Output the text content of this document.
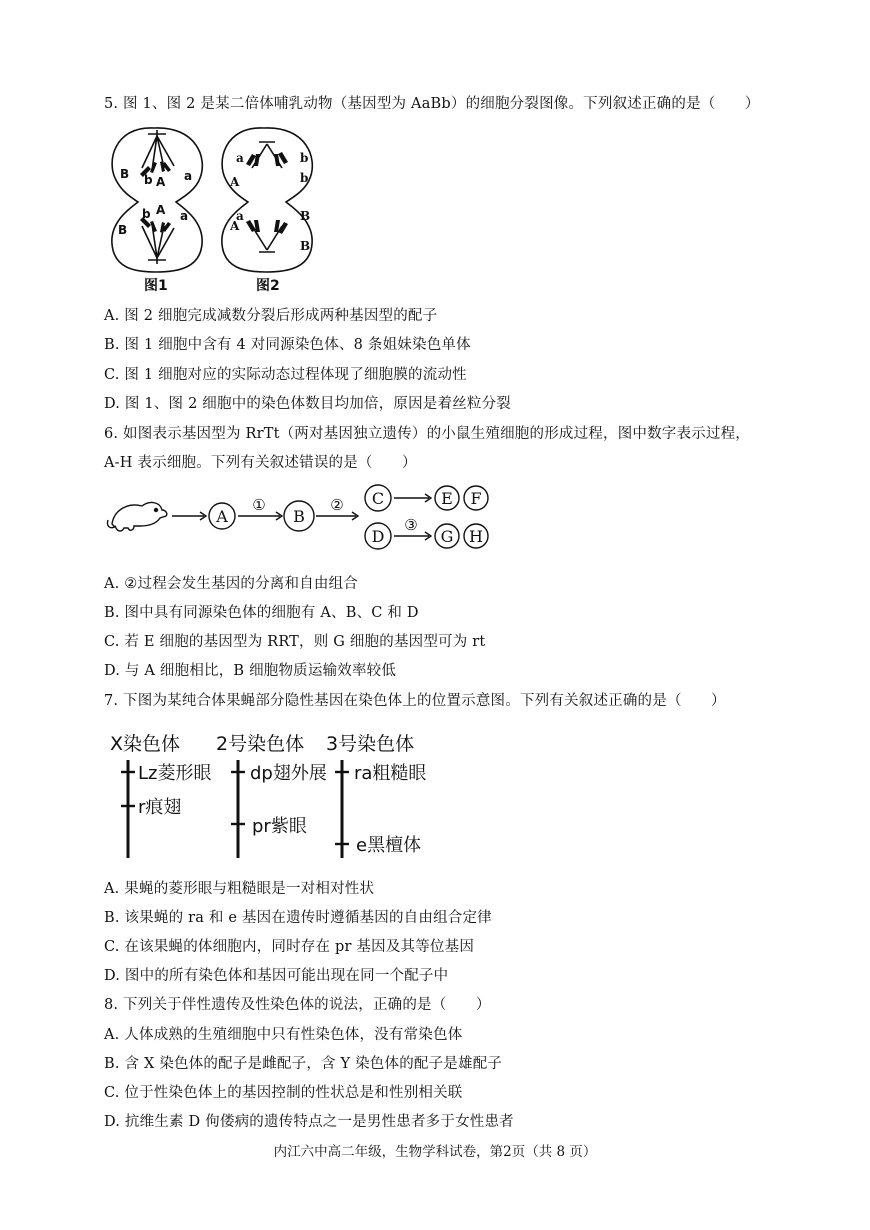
5. 图 1、图 2 是某二倍体哺乳动物（基因型为 AaBb）的细胞分裂图像。下列叙述正确的是（　　）
B b A a
b A
B
a
a
A
b
b
a
A
B
B
图1	图2
A. 图 2 细胞完成减数分裂后形成两种基因型的配子
B. 图 1 细胞中含有 4 对同源染色体、8 条姐妹染色单体
C. 图 1 细胞对应的实际动态过程体现了细胞膜的流动性
D. 图 1、图 2 细胞中的染色体数目均加倍，原因是着丝粒分裂
6. 如图表示基因型为 RrTt（两对基因独立遗传）的小鼠生殖细胞的形成过程，图中数字表示过程，
A-H 表示细胞。下列有关叙述错误的是（　　）
A	B
C
D
E F
G H
①	②
③
A. ②过程会发生基因的分离和自由组合
B. 图中具有同源染色体的细胞有 A、B、C 和 D
C. 若 E 细胞的基因型为 RRT，则 G 细胞的基因型可为 rt
D. 与 A 细胞相比，B 细胞物质运输效率较低
7. 下图为某纯合体果蝇部分隐性基因在染色体上的位置示意图。下列有关叙述正确的是（　　）
X染色体 2号染色体 3号染色体
Lz菱形眼
r痕翅
dp翅外展
pr紫眼
ra粗糙眼
e黑檀体
A. 果蝇的菱形眼与粗糙眼是一对相对性状
B. 该果蝇的 ra 和 e 基因在遗传时遵循基因的自由组合定律
C. 在该果蝇的体细胞内，同时存在 pr 基因及其等位基因
D. 图中的所有染色体和基因可能出现在同一个配子中
8. 下列关于伴性遗传及性染色体的说法，正确的是（　　）
A. 人体成熟的生殖细胞中只有性染色体，没有常染色体
B. 含 X 染色体的配子是雌配子，含 Y 染色体的配子是雄配子
C. 位于性染色体上的基因控制的性状总是和性别相关联
D. 抗维生素 D 佝偻病的遗传特点之一是男性患者多于女性患者
内江六中高二年级，生物学科试卷，第2页（共 8 页）
